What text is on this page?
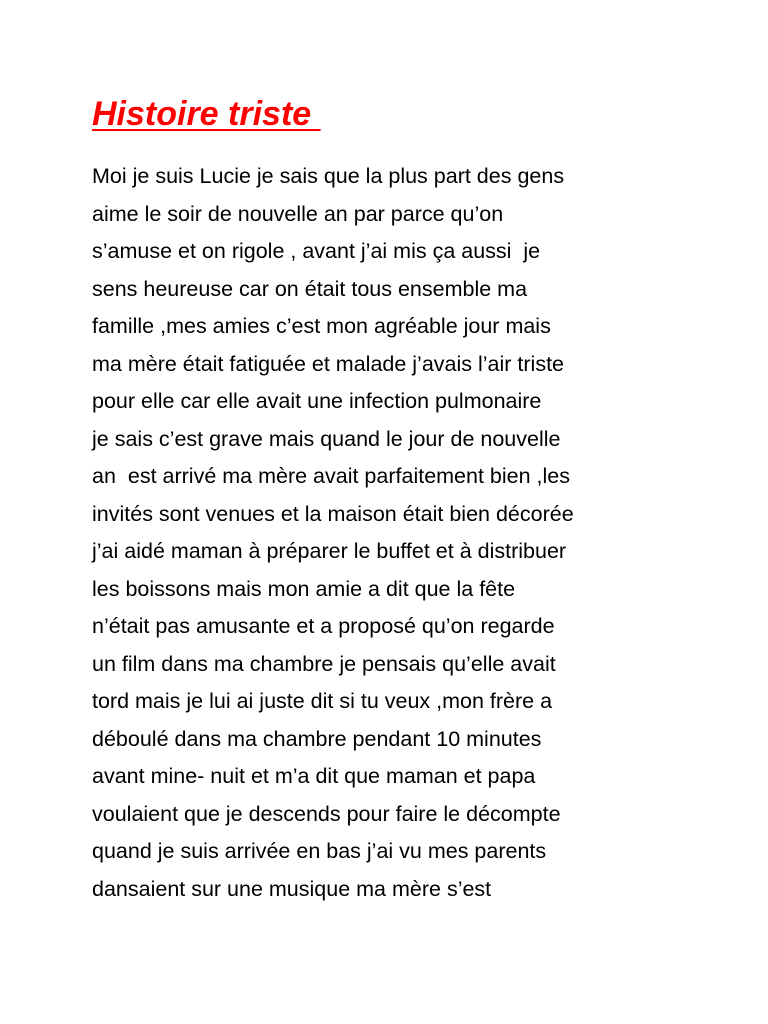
Histoire triste
Moi je suis Lucie je sais que la plus part des gens
aime le soir de nouvelle an par parce qu’on
s’amuse et on rigole , avant j’ai mis ça aussi  je
sens heureuse car on était tous ensemble ma
famille ,mes amies c’est mon agréable jour mais
ma mère était fatiguée et malade j’avais l’air triste
pour elle car elle avait une infection pulmonaire
je sais c’est grave mais quand le jour de nouvelle
an  est arrivé ma mère avait parfaitement bien ,les
invités sont venues et la maison était bien décorée
j’ai aidé maman à préparer le buffet et à distribuer
les boissons mais mon amie a dit que la fête
n’était pas amusante et a proposé qu’on regarde
un film dans ma chambre je pensais qu’elle avait
tord mais je lui ai juste dit si tu veux ,mon frère a
déboulé dans ma chambre pendant 10 minutes
avant mine- nuit et m’a dit que maman et papa
voulaient que je descends pour faire le décompte
quand je suis arrivée en bas j’ai vu mes parents
dansaient sur une musique ma mère s’est
